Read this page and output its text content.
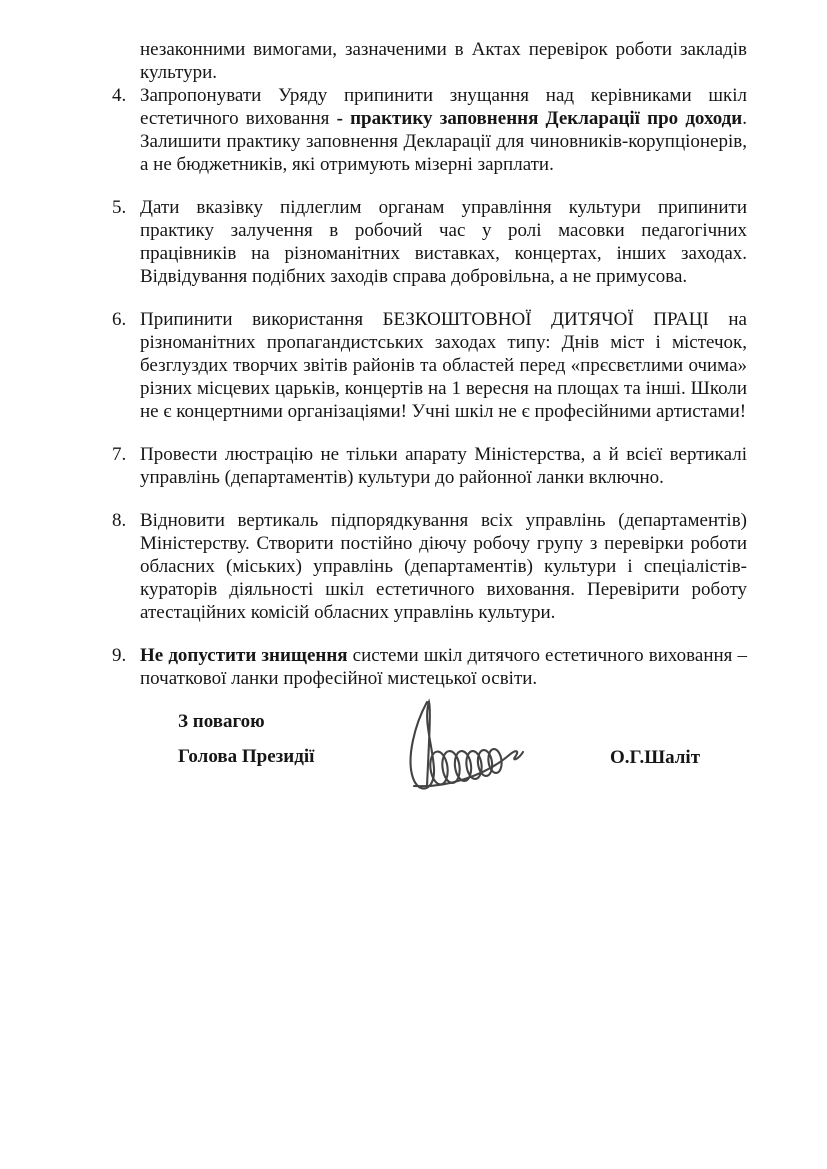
незаконними вимогами, зазначеними в Актах перевірок роботи закладів культури.

4. Запропонувати Уряду припинити знущання над керівниками шкіл естетичного виховання - практику заповнення Декларації про доходи. Залишити практику заповнення Декларації для чиновників-корупціонерів, а не бюджетників, які отримують мізерні зарплати.

5. Дати вказівку підлеглим органам управління культури припинити практику залучення в робочий час у ролі масовки педагогічних працівників на різноманітних виставках, концертах, інших заходах. Відвідування подібних заходів справа добровільна, а не примусова.

6. Припинити використання БЕЗКОШТОВНОЇ ДИТЯЧОЇ ПРАЦІ на різноманітних пропагандистських заходах типу: Днів міст і містечок, безглуздих творчих звітів районів та областей перед «прєсвєтлими очима» різних місцевих царьків, концертів на 1 вересня на площах та інші. Школи не є концертними організаціями! Учні шкіл не є професійними артистами!

7. Провести люстрацію не тільки апарату Міністерства, а й всієї вертикалі управлінь (департаментів) культури до районної ланки включно.

8. Відновити вертикаль підпорядкування всіх управлінь (департаментів) Міністерству. Створити постійно діючу робочу групу з перевірки роботи обласних (міських) управлінь (департаментів) культури і спеціалістів-кураторів діяльності шкіл естетичного виховання. Перевірити роботу атестаційних комісій обласних управлінь культури.

9. Не допустити знищення системи шкіл дитячого естетичного виховання – початкової ланки професійної мистецької освіти.

З повагою

Голова Президії	О.Г.Шаліт
